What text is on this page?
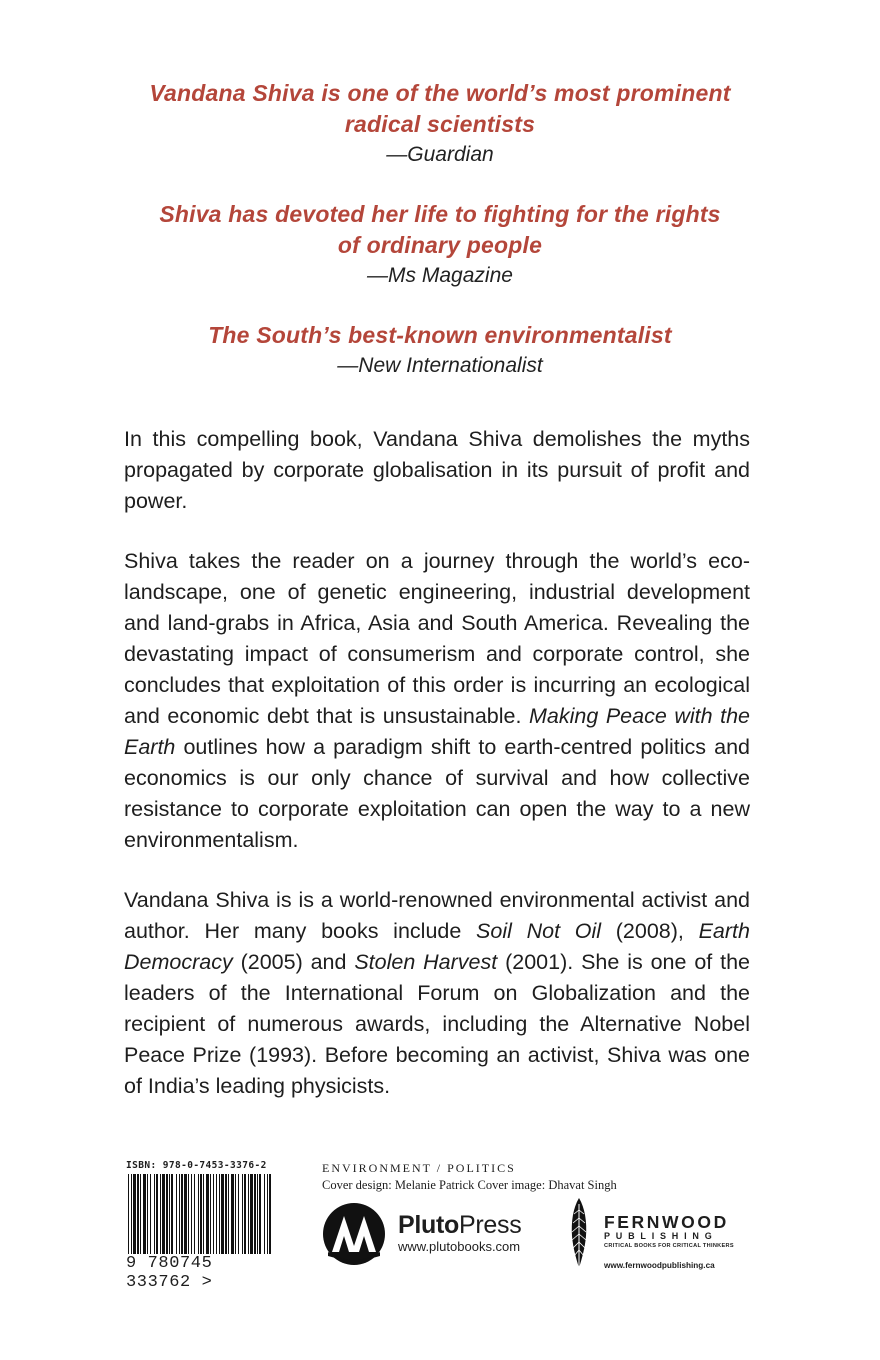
Vandana Shiva is one of the world’s most prominent
radical scientists
—Guardian
Shiva has devoted her life to fighting for the rights
of ordinary people
—Ms Magazine
The South’s best-known environmentalist
—New Internationalist

In this compelling book, Vandana Shiva demolishes the myths propagated by corporate globalisation in its pursuit of profit and power.

Shiva takes the reader on a journey through the world’s eco-landscape, one of genetic engineering, industrial development and land-grabs in Africa, Asia and South America. Revealing the devastating impact of consumerism and corporate control, she concludes that exploitation of this order is incurring an ecological and economic debt that is unsustainable. Making Peace with the Earth outlines how a paradigm shift to earth-centred politics and economics is our only chance of survival and how collective resistance to corporate exploitation can open the way to a new environmentalism.

Vandana Shiva is is a world-renowned environmental activist and author. Her many books include Soil Not Oil (2008), Earth Democracy (2005) and Stolen Harvest (2001). She is one of the leaders of the International Forum on Globalization and the recipient of numerous awards, including the Alternative Nobel Peace Prize (1993). Before becoming an activist, Shiva was one of India’s leading physicists.

ISBN: 978-0-7453-3376-2
9 780745 333762 >
ENVIRONMENT / POLITICS
Cover design: Melanie Patrick Cover image: Dhavat Singh
PlutoPress
www.plutobooks.com
FERNWOOD
PUBLISHING
CRITICAL BOOKS FOR CRITICAL THINKERS
www.fernwoodpublishing.ca
